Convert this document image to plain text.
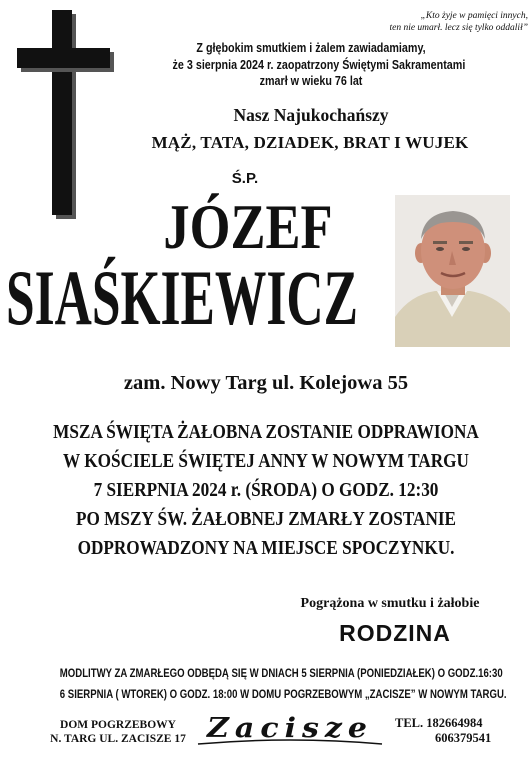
„Kto żyje w pamięci innych,
ten nie umarł. lecz się tylko oddalił”
Z głębokim smutkiem i żalem zawiadamiamy,
że 3 sierpnia 2024 r. zaopatrzony Świętymi Sakramentami
zmarł w wieku 76 lat
Nasz Najukochańszy
MĄŻ, TATA, DZIADEK, BRAT I WUJEK
Ś.P.
JÓZEF
SIAŚKIEWICZ
zam. Nowy Targ ul. Kolejowa 55
MSZA ŚWIĘTA ŻAŁOBNA ZOSTANIE ODPRAWIONA
W KOŚCIELE ŚWIĘTEJ ANNY W NOWYM TARGU
7 SIERPNIA 2024 r. (ŚRODA) O GODZ. 12:30
PO MSZY ŚW. ŻAŁOBNEJ ZMARŁY ZOSTANIE
ODPROWADZONY NA MIEJSCE SPOCZYNKU.
Pogrążona w smutku i żałobie
RODZINA
MODLITWY ZA ZMARŁEGO ODBĘDĄ SIĘ W DNIACH 5 SIERPNIA (PONIEDZIAŁEK) O GODZ.16:30
6 SIERPNIA ( WTOREK) O GODZ. 18:00 W DOMU POGRZEBOWYM „ZACISZE” W NOWYM TARGU.
DOM POGRZEBOWY
N. TARG UL. ZACISZE 17 Zacisze TEL. 182664984
606379541
